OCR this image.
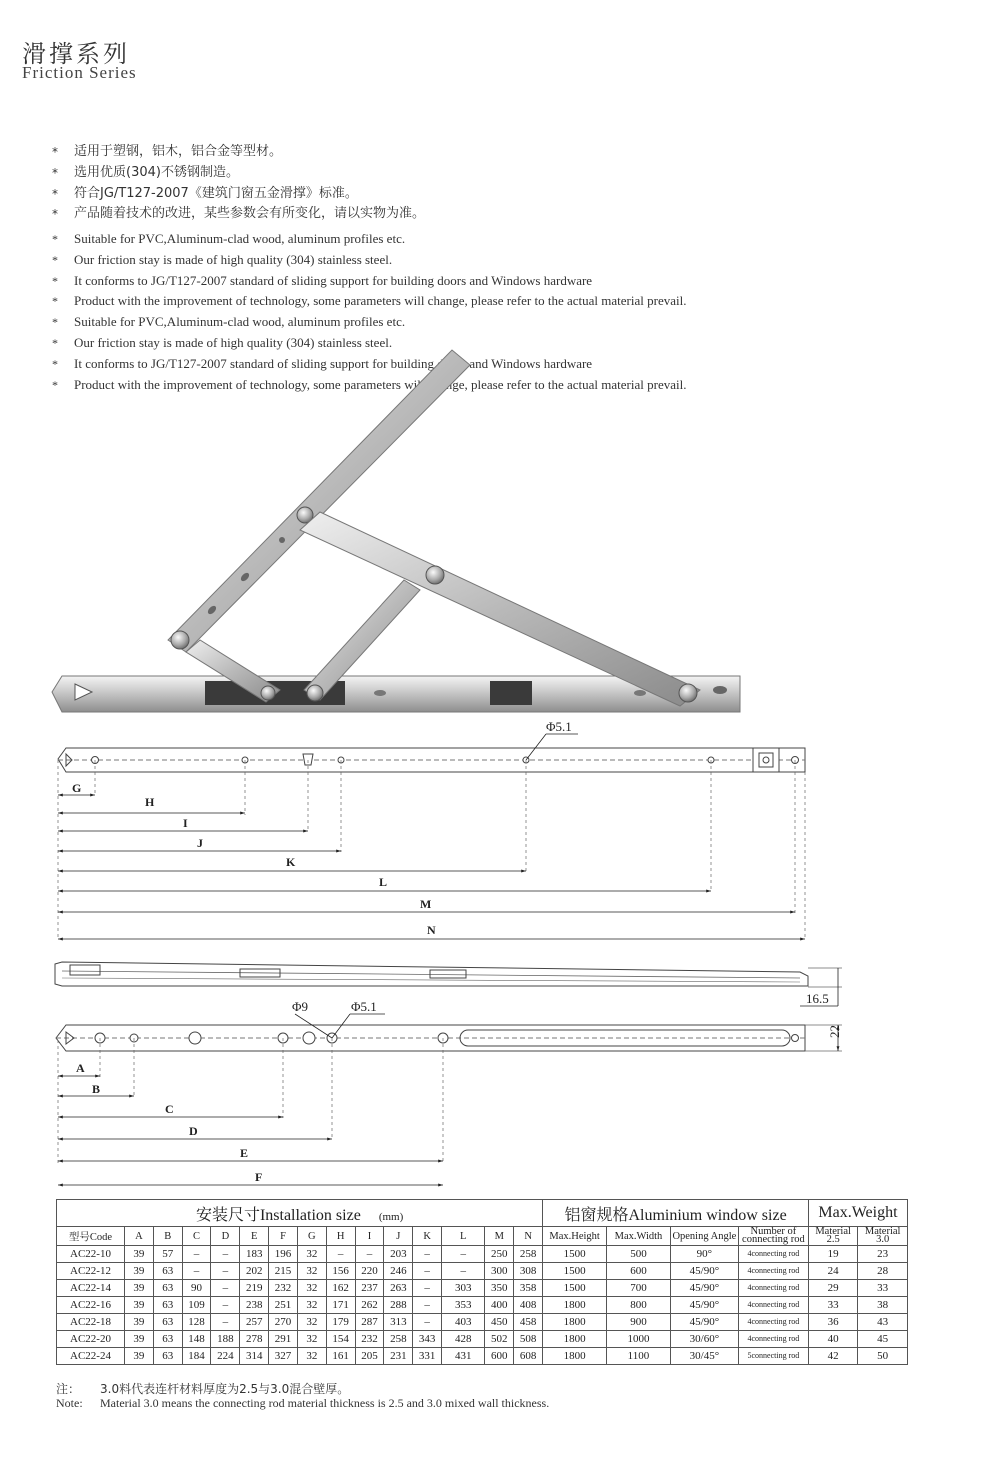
滑撑系列
Friction Series
* 适用于塑钢，铝木，铝合金等型材。
* 选用优质(304)不锈钢制造。
* 符合JG/T127-2007《建筑门窗五金滑撑》标准。
* 产品随着技术的改进，某些参数会有所变化，请以实物为准。
* Suitable for PVC,Aluminum-clad wood, aluminum profiles etc.
* Our friction stay is made of high quality (304) stainless steel.
* It conforms to JG/T127-2007 standard of sliding support for building doors and Windows hardware
* Product with the improvement of technology, some parameters will change, please refer to the actual material prevail.
* Suitable for PVC,Aluminum-clad wood, aluminum profiles etc.
* Our friction stay is made of high quality (304) stainless steel.
* It conforms to JG/T127-2007 standard of sliding support for building doors and Windows hardware
* Product with the improvement of technology, some parameters will change, please refer to the actual material prevail.
Φ5.1
G
H
I
J
K
L
M
N
16.5
Φ9	Φ5.1
22
A
B
C
D
E
F
安装尺寸Installation size (mm)															铝窗规格Aluminium window size				Max.Weight	
型号Code	A	B	C	D	E	F	G	H	I	J	K	L	M	N	Max.Height	Max.Width	Opening Angle	Number of connecting rod	Material 2.5	Material 3.0
AC22-10	39	57	–	–	183	196	32	–	–	203	–	–	250	258	1500	500	90°	4connecting rod	19	23
AC22-12	39	63	–	–	202	215	32	156	220	246	–	–	300	308	1500	600	45/90°	4connecting rod	24	28
AC22-14	39	63	90	–	219	232	32	162	237	263	–	303	350	358	1500	700	45/90°	4connecting rod	29	33
AC22-16	39	63	109	–	238	251	32	171	262	288	–	353	400	408	1800	800	45/90°	4connecting rod	33	38
AC22-18	39	63	128	–	257	270	32	179	287	313	–	403	450	458	1800	900	45/90°	4connecting rod	36	43
AC22-20	39	63	148	188	278	291	32	154	232	258	343	428	502	508	1800	1000	30/60°	4connecting rod	40	45
AC22-24	39	63	184	224	314	327	32	161	205	231	331	431	600	608	1800	1100	30/45°	5connecting rod	42	50
注： 3.0料代表连杆材料厚度为2.5与3.0混合壁厚。
Note: Material 3.0 means the connecting rod material thickness is 2.5 and 3.0 mixed wall thickness.
